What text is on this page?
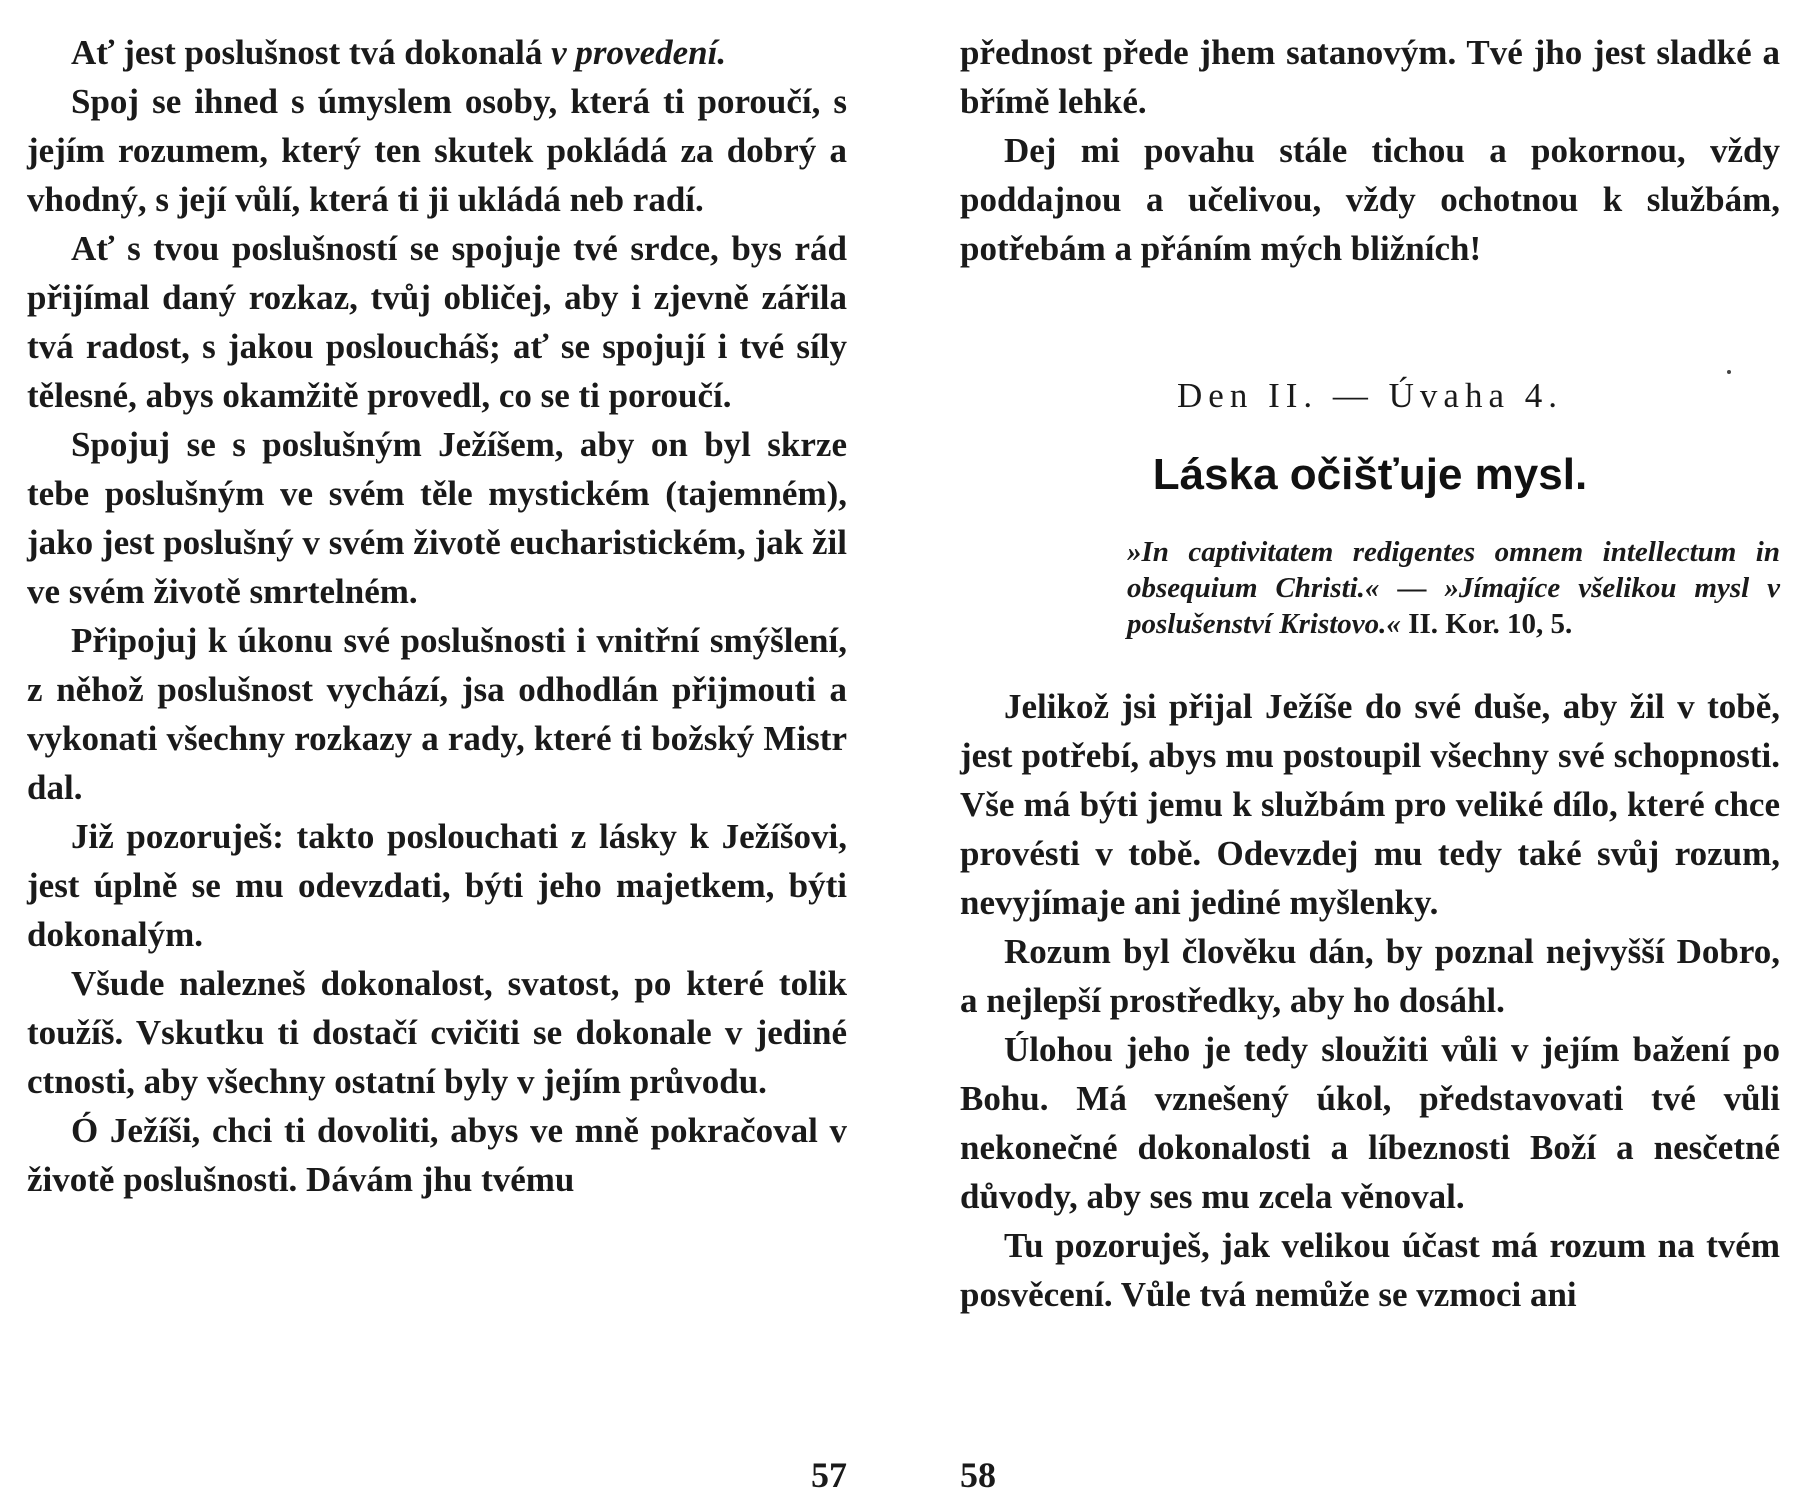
Ať jest poslušnost tvá dokonalá v provedení.

Spoj se ihned s úmyslem osoby, která ti poroučí, s jejím rozumem, který ten skutek pokládá za dobrý a vhodný, s její vůlí, která ti ji ukládá neb radí.

Ať s tvou poslušností se spojuje tvé srdce, bys rád přijímal daný rozkaz, tvůj obličej, aby i zjevně zářila tvá radost, s jakou posloucháš; ať se spojují i tvé síly tělesné, abys okamžitě provedl, co se ti poroučí.

Spojuj se s poslušným Ježíšem, aby on byl skrze tebe poslušným ve svém těle mystickém (tajemném), jako jest poslušný v svém životě eucharistickém, jak žil ve svém životě smrtelném.

Připojuj k úkonu své poslušnosti i vnitřní smýšlení, z něhož poslušnost vychází, jsa odhodlán přijmouti a vykonati všechny rozkazy a rady, které ti božský Mistr dal.

Již pozoruješ: takto poslouchati z lásky k Ježíšovi, jest úplně se mu odevzdati, býti jeho majetkem, býti dokonalým.

Všude nalezneš dokonalost, svatost, po které tolik toužíš. Vskutku ti dostačí cvičiti se dokonale v jediné ctnosti, aby všechny ostatní byly v jejím průvodu.

Ó Ježíši, chci ti dovoliti, abys ve mně pokračoval v životě poslušnosti. Dávám jhu tvému

57

přednost přede jhem satanovým. Tvé jho jest sladké a břímě lehké.

Dej mi povahu stále tichou a pokornou, vždy poddajnou a učelivou, vždy ochotnou k službám, potřebám a přáním mých bližních!

Den II. — Úvaha 4.
Láska očišťuje mysl.

»In captivitatem redigentes omnem intellectum in obsequium Christi.« — »Jímajíce všelikou mysl v poslušenství Kristovo.« II. Kor. 10, 5.

Jelikož jsi přijal Ježíše do své duše, aby žil v tobě, jest potřebí, abys mu postoupil všechny své schopnosti. Vše má býti jemu k službám pro veliké dílo, které chce provésti v tobě. Odevzdej mu tedy také svůj rozum, nevyjímaje ani jediné myšlenky.

Rozum byl člověku dán, by poznal nejvyšší Dobro, a nejlepší prostředky, aby ho dosáhl.

Úlohou jeho je tedy sloužiti vůli v jejím bažení po Bohu. Má vznešený úkol, představovati tvé vůli nekonečné dokonalosti a líbeznosti Boží a nesčetné důvody, aby ses mu zcela věnoval.

Tu pozoruješ, jak velikou účast má rozum na tvém posvěcení. Vůle tvá nemůže se vzmoci ani

58
